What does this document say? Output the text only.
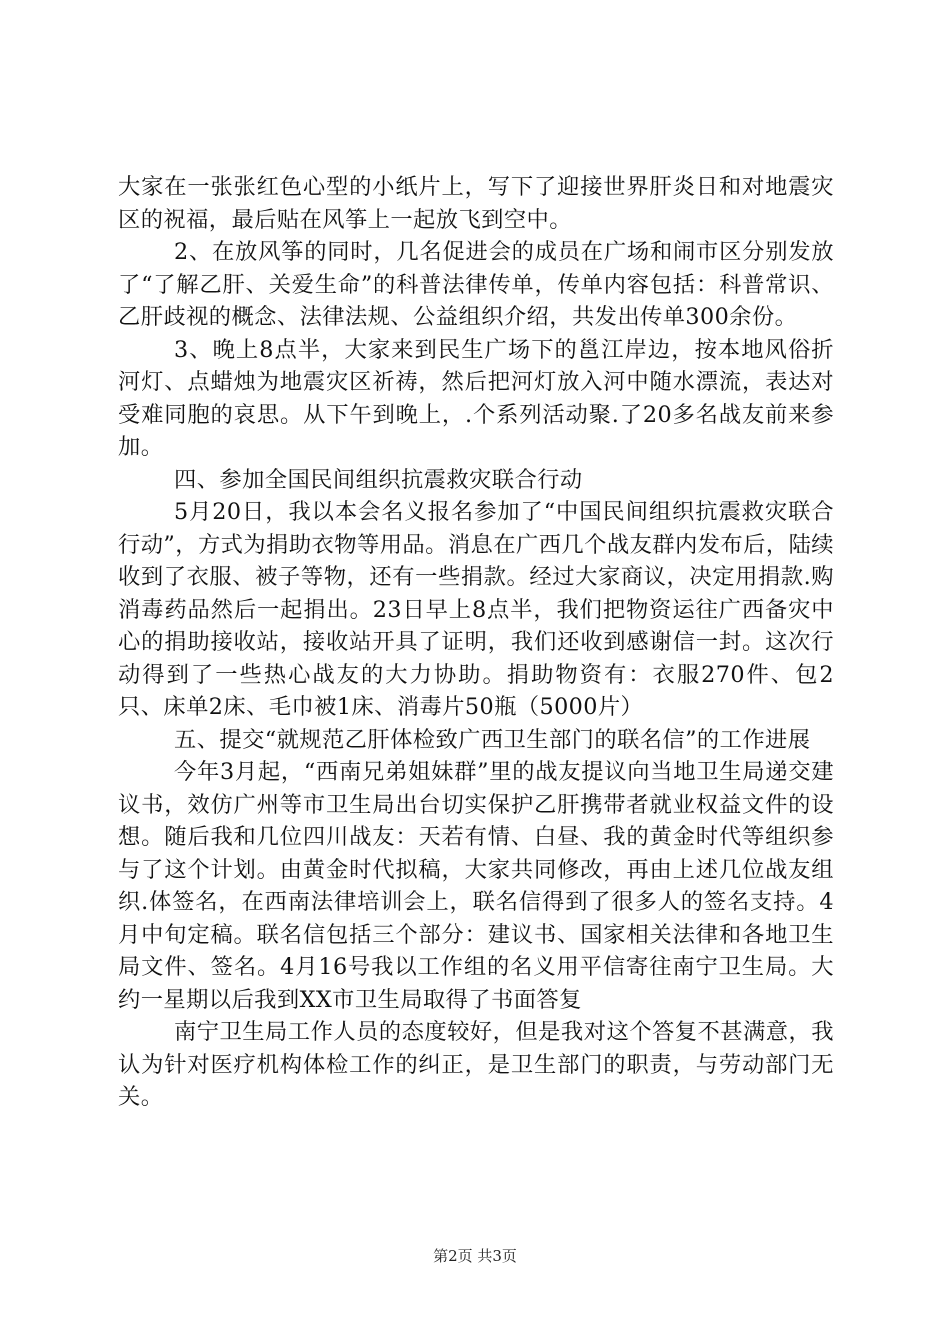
大家在一张张红色心型的小纸片上，写下了迎接世界肝炎日和对地震灾区的祝福，最后贴在风筝上一起放飞到空中。

2、在放风筝的同时，几名促进会的成员在广场和闹市区分别发放了“了解乙肝、关爱生命”的科普法律传单，传单内容包括：科普常识、乙肝歧视的概念、法律法规、公益组织介绍，共发出传单300余份。

3、晚上8点半，大家来到民生广场下的邕江岸边，按本地风俗折河灯、点蜡烛为地震灾区祈祷，然后把河灯放入河中随水漂流，表达对受难同胞的哀思。从下午到晚上，.个系列活动聚.了20多名战友前来参加。

四、参加全国民间组织抗震救灾联合行动

5月20日，我以本会名义报名参加了“中国民间组织抗震救灾联合行动”，方式为捐助衣物等用品。消息在广西几个战友群内发布后，陆续收到了衣服、被子等物，还有一些捐款。经过大家商议，决定用捐款.购消毒药品然后一起捐出。23日早上8点半，我们把物资运往广西备灾中心的捐助接收站，接收站开具了证明，我们还收到感谢信一封。这次行动得到了一些热心战友的大力协助。捐助物资有：衣服270件、包2只、床单2床、毛巾被1床、消毒片50瓶（5000片）

五、提交“就规范乙肝体检致广西卫生部门的联名信”的工作进展

今年3月起，“西南兄弟姐妹群”里的战友提议向当地卫生局递交建议书，效仿广州等市卫生局出台切实保护乙肝携带者就业权益文件的设想。随后我和几位四川战友：天若有情、白昼、我的黄金时代等组织参与了这个计划。由黄金时代拟稿，大家共同修改，再由上述几位战友组织.体签名，在西南法律培训会上，联名信得到了很多人的签名支持。4月中旬定稿。联名信包括三个部分：建议书、国家相关法律和各地卫生局文件、签名。4月16号我以工作组的名义用平信寄往南宁卫生局。大约一星期以后我到XX市卫生局取得了书面答复

南宁卫生局工作人员的态度较好，但是我对这个答复不甚满意，我认为针对医疗机构体检工作的纠正，是卫生部门的职责，与劳动部门无关。

第2页 共3页
